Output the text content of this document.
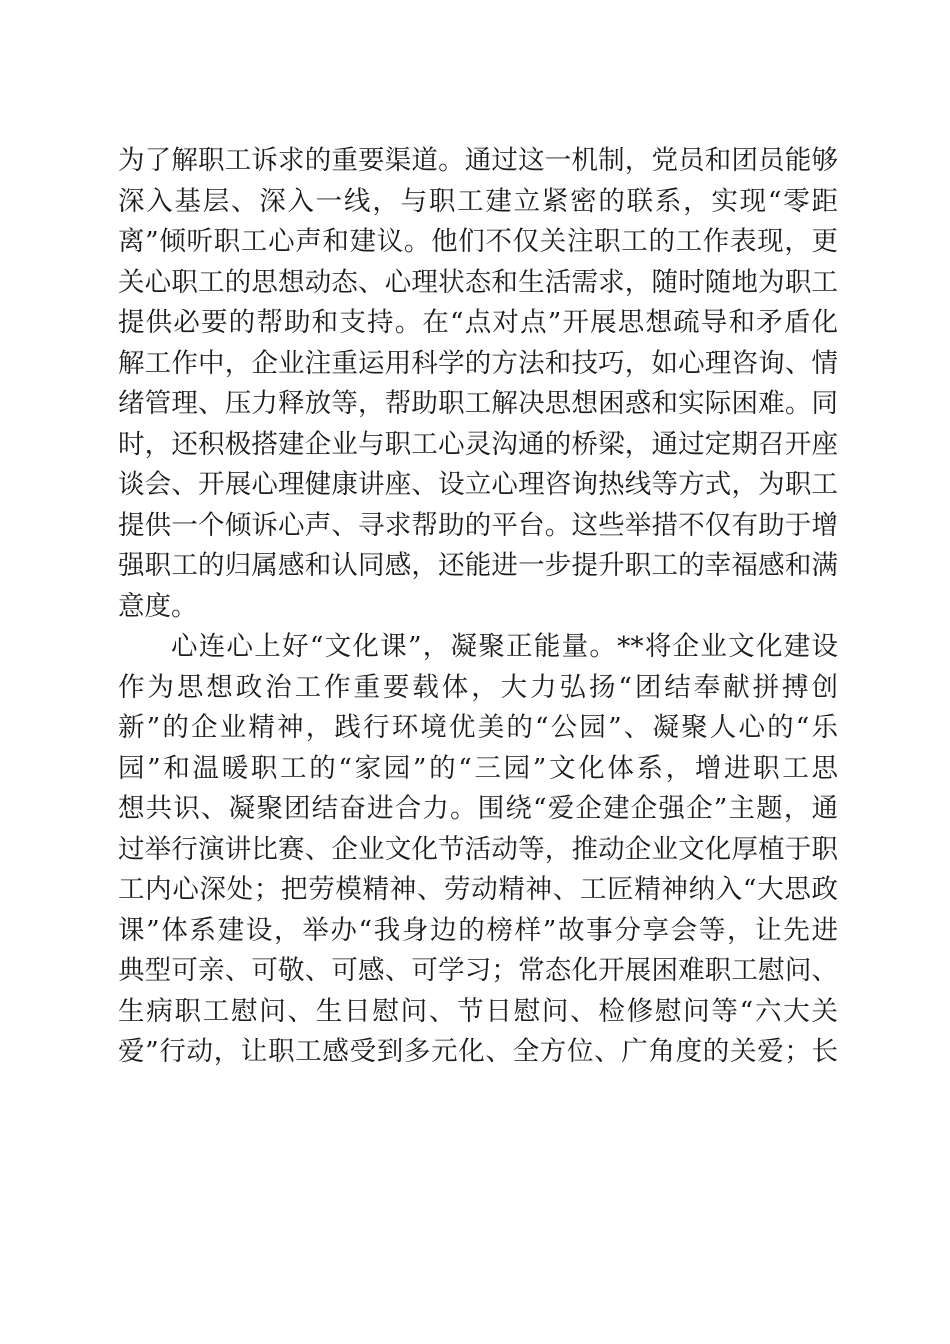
为了解职工诉求的重要渠道。通过这一机制，党员和团员能够
深入基层、深入一线，与职工建立紧密的联系，实现“零距
离”倾听职工心声和建议。他们不仅关注职工的工作表现，更
关心职工的思想动态、心理状态和生活需求，随时随地为职工
提供必要的帮助和支持。在“点对点”开展思想疏导和矛盾化
解工作中，企业注重运用科学的方法和技巧，如心理咨询、情
绪管理、压力释放等，帮助职工解决思想困惑和实际困难。同
时，还积极搭建企业与职工心灵沟通的桥梁，通过定期召开座
谈会、开展心理健康讲座、设立心理咨询热线等方式，为职工
提供一个倾诉心声、寻求帮助的平台。这些举措不仅有助于增
强职工的归属感和认同感，还能进一步提升职工的幸福感和满
意度。
心连心上好“文化课”，凝聚正能量。**将企业文化建设
作为思想政治工作重要载体，大力弘扬“团结奉献拼搏创
新”的企业精神，践行环境优美的“公园”、凝聚人心的“乐
园”和温暖职工的“家园”的“三园”文化体系，增进职工思
想共识、凝聚团结奋进合力。围绕“爱企建企强企”主题，通
过举行演讲比赛、企业文化节活动等，推动企业文化厚植于职
工内心深处；把劳模精神、劳动精神、工匠精神纳入“大思政
课”体系建设，举办“我身边的榜样”故事分享会等，让先进
典型可亲、可敬、可感、可学习；常态化开展困难职工慰问、
生病职工慰问、生日慰问、节日慰问、检修慰问等“六大关
爱”行动，让职工感受到多元化、全方位、广角度的关爱；长
